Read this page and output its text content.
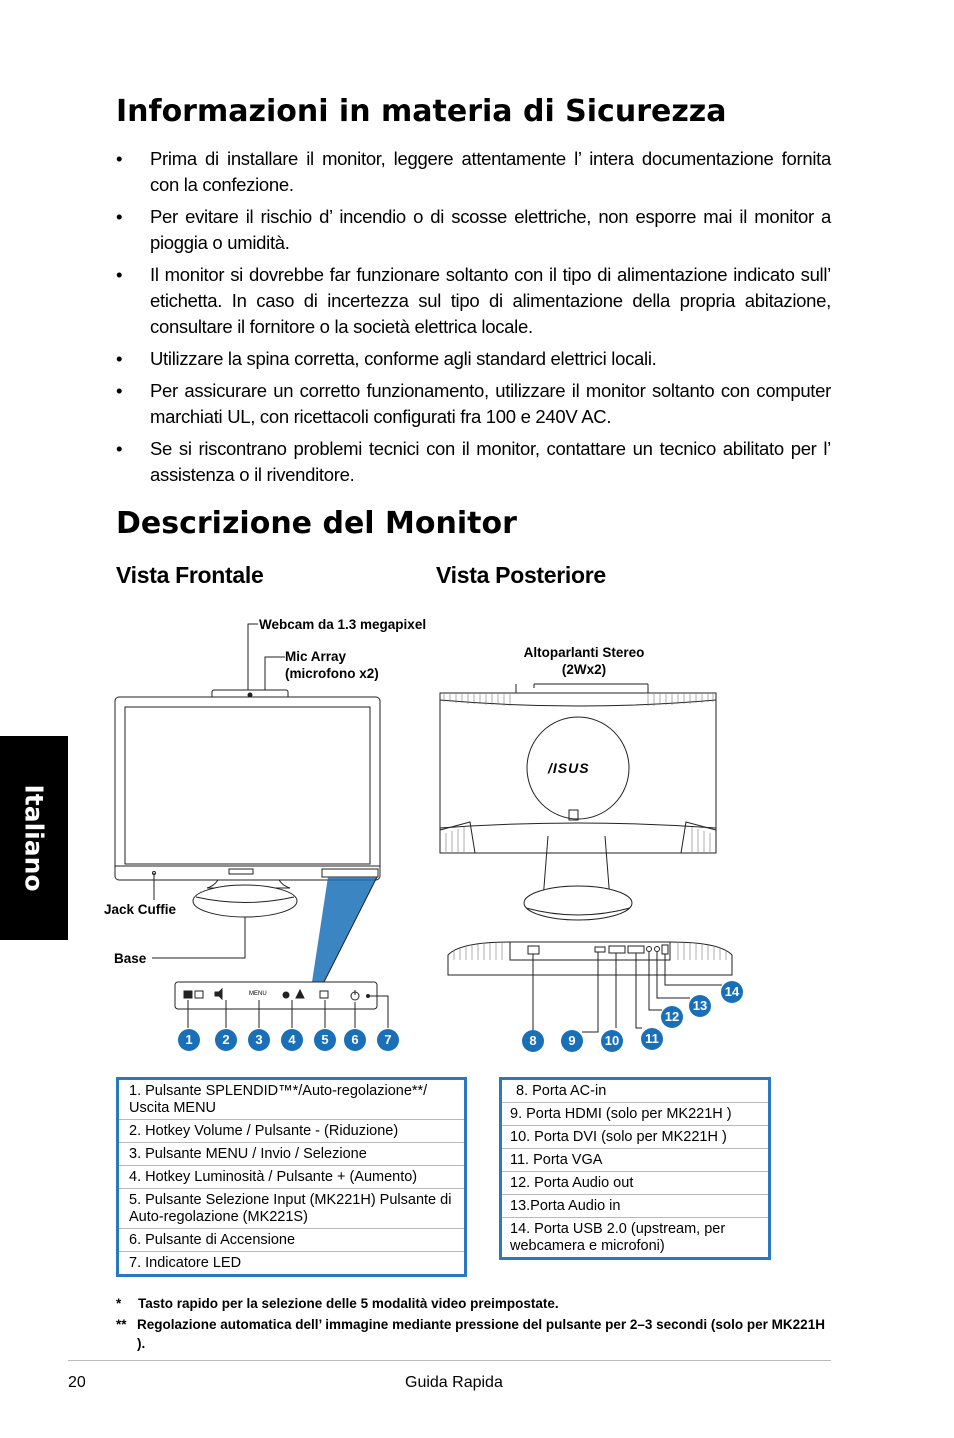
Informazioni in materia di Sicurezza
• Prima di installare il monitor, leggere attentamente l’ intera documentazione fornita con la confezione.
• Per evitare il rischio d’ incendio o di scosse elettriche, non esporre mai il monitor a pioggia o umidità.
• Il monitor si dovrebbe far funzionare soltanto con il tipo di alimentazione indicato sull’ etichetta. In caso di incertezza sul tipo di alimentazione della propria abitazione, consultare il fornitore o la società elettrica locale.
• Utilizzare la spina corretta, conforme agli standard elettrici locali.
• Per assicurare un corretto funzionamento, utilizzare il monitor soltanto con computer marchiati UL, con ricettacoli configurati fra 100 e 240V AC.
• Se si riscontrano problemi tecnici con il monitor, contattare un tecnico abilitato per l’ assistenza o il rivenditore.
Descrizione del Monitor
Vista Frontale	Vista Posteriore
Italiano
/ISUS
MENU
Webcam da 1.3 megapixel
Mic Array
(microfono x2)
Altoparlanti Stereo
(2Wx2)
Jack Cuffie
Base
1	2	3	4	5	6	7	8	9	10	11
12
13
14
1. Pulsante SPLENDID™*/Auto-regolazione**/ Uscita MENU
2. Hotkey Volume / Pulsante - (Riduzione)
3. Pulsante MENU / Invio / Selezione
4. Hotkey Luminosità / Pulsante + (Aumento)
5. Pulsante Selezione Input (MK221H) Pulsante di Auto-regolazione (MK221S)
6. Pulsante di Accensione
7. Indicatore LED
8. Porta AC-in
9. Porta HDMI (solo per MK221H )
10. Porta DVI (solo per MK221H )
11. Porta VGA
12. Porta Audio out
13.Porta Audio in
14. Porta USB 2.0 (upstream, per webcamera e microfoni)
* Tasto rapido per la selezione delle 5 modalità video preimpostate.
** Regolazione automatica dell’ immagine mediante pressione del pulsante per 2–3 secondi (solo per MK221H ).
20	Guida Rapida
